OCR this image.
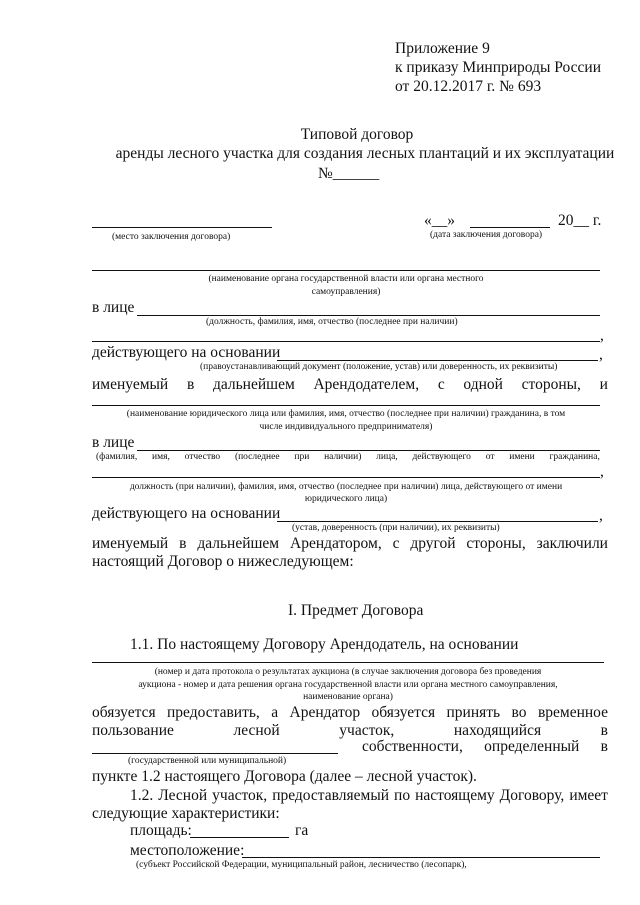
Приложение 9
к приказу Минприроды России
от 20.12.2017 г. № 693
Типовой договор
аренды лесного участка для создания лесных плантаций и их эксплуатации
№______
«__»	20__ г.
(место заключения договора)	(дата заключения договора)
(наименование органа государственной власти или органа местного
самоуправления)
в лице
(должность, фамилия, имя, отчество (последнее при наличии)
,
действующего на основании	,
(правоустанавливающий документ (положение, устав) или доверенность, их реквизиты)
именуемый в дальнейшем Арендодателем, с одной стороны, и
(наименование юридического лица или фамилия, имя, отчество (последнее при наличии) гражданина, в том
числе индивидуального предпринимателя)
в лице
(фамилия, имя, отчество (последнее при наличии) лица, действующего от имени гражданина,
,
должность (при наличии), фамилия, имя, отчество (последнее при наличии) лица, действующего от имени
юридического лица)
действующего на основании	,
(устав, доверенность (при наличии), их реквизиты)
именуемый в дальнейшем Арендатором, с другой стороны, заключили
настоящий Договор о нижеследующем:
I. Предмет Договора
1.1. По настоящему Договору Арендодатель, на основании
(номер и дата протокола о результатах аукциона (в случае заключения договора без проведения
аукциона - номер и дата решения органа государственной власти или органа местного самоуправления,
наименование органа)
обязуется предоставить, а Арендатор обязуется принять во временное
пользование	лесной	участок,	находящийся	в
собственности, определенный в
(государственной или муниципальной)
пункте 1.2 настоящего Договора (далее – лесной участок).
1.2. Лесной участок, предоставляемый по настоящему Договору, имеет
следующие характеристики:
площадь:	га
местоположение:
(субъект Российской Федерации, муниципальный район, лесничество (лесопарк),
